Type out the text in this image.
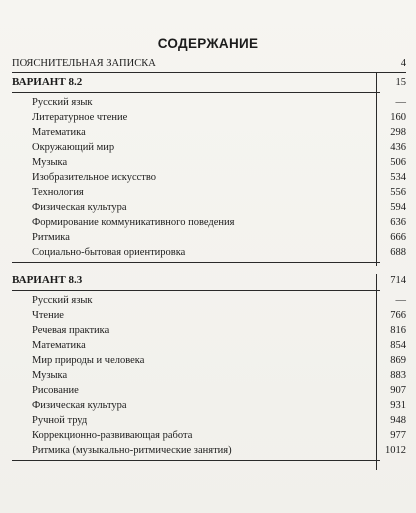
СОДЕРЖАНИЕ
ПОЯСНИТЕЛЬНАЯ ЗАПИСКА	4
ВАРИАНТ 8.2	15
Русский язык	—
Литературное чтение	160
Математика	298
Окружающий мир	436
Музыка	506
Изобразительное искусство	534
Технология	556
Физическая культура	594
Формирование коммуникативного поведения	636
Ритмика	666
Социально-бытовая ориентировка	688
ВАРИАНТ 8.3	714
Русский язык	—
Чтение	766
Речевая практика	816
Математика	854
Мир природы и человека	869
Музыка	883
Рисование	907
Физическая культура	931
Ручной труд	948
Коррекционно-развивающая работа	977
Ритмика (музыкально-ритмические занятия)	1012
